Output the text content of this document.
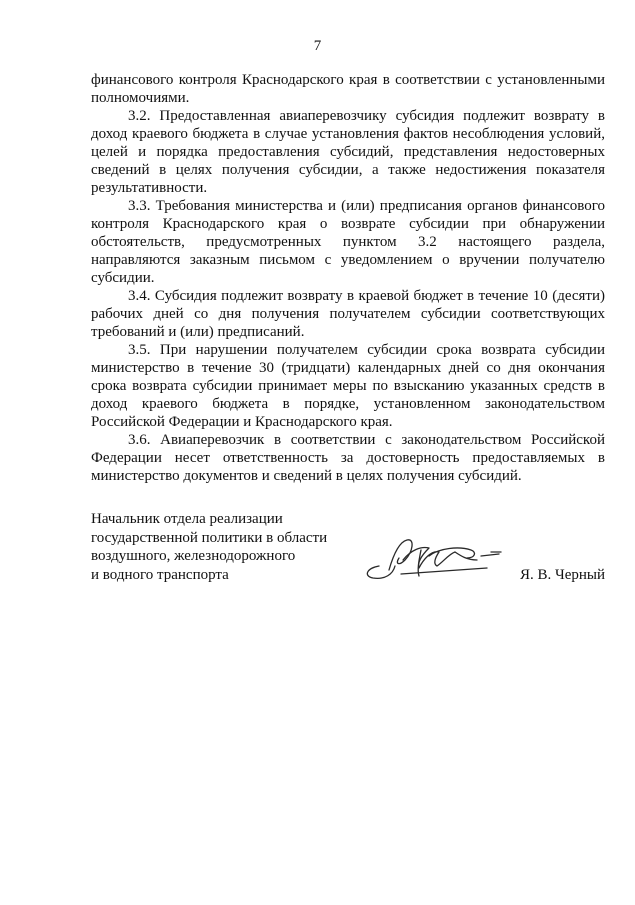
7

финансового контроля Краснодарского края в соответствии с установленными полномочиями.

3.2. Предоставленная авиаперевозчику субсидия подлежит возврату в доход краевого бюджета в случае установления фактов несоблюдения условий, целей и порядка предоставления субсидий, представления недостоверных сведений в целях получения субсидии, а также недостижения показателя результативности.

3.3. Требования министерства и (или) предписания органов финансового контроля Краснодарского края о возврате субсидии при обнаружении обстоятельств, предусмотренных пунктом 3.2 настоящего раздела, направляются заказным письмом с уведомлением о вручении получателю субсидии.

3.4. Субсидия подлежит возврату в краевой бюджет в течение 10 (десяти) рабочих дней со дня получения получателем субсидии соответствующих требований и (или) предписаний.

3.5. При нарушении получателем субсидии срока возврата субсидии министерство в течение 30 (тридцати) календарных дней со дня окончания срока возврата субсидии принимает меры по взысканию указанных средств в доход краевого бюджета в порядке, установленном законодательством Российской Федерации и Краснодарского края.

3.6. Авиаперевозчик в соответствии с законодательством Российской Федерации несет ответственность за достоверность предоставляемых в министерство документов и сведений в целях получения субсидий.

Начальник отдела реализации
государственной политики в области
воздушного, железнодорожного
и водного транспорта	Я. В. Черный
